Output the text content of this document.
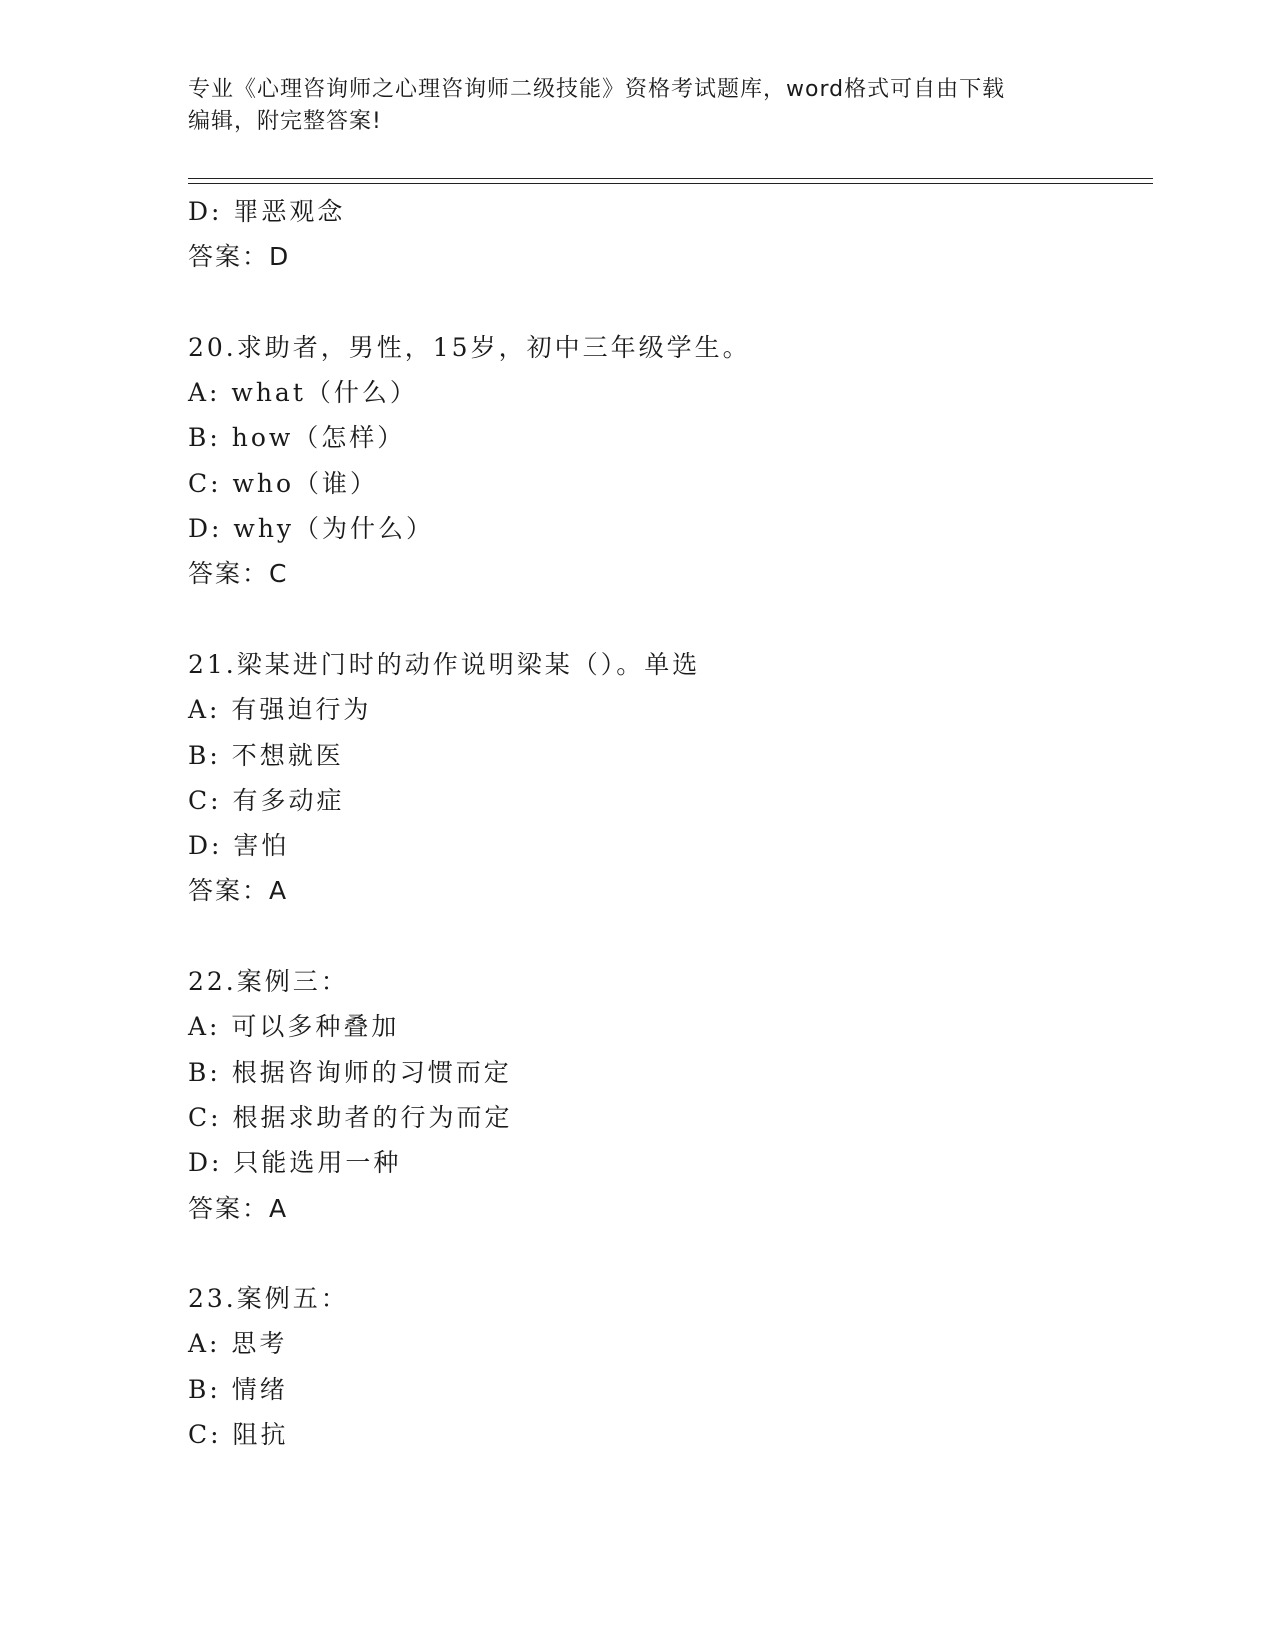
专业《心理咨询师之心理咨询师二级技能》资格考试题库，word格式可自由下载
编辑，附完整答案!
D: 罪恶观念
答案：D
20.求助者，男性，15岁，初中三年级学生。
A: what（什么）
B: how（怎样）
C: who（谁）
D: why（为什么）
答案：C
21.梁某进门时的动作说明梁某（）。单选
A: 有强迫行为
B: 不想就医
C: 有多动症
D: 害怕
答案：A
22.案例三：
A: 可以多种叠加
B: 根据咨询师的习惯而定
C: 根据求助者的行为而定
D: 只能选用一种
答案：A
23.案例五：
A: 思考
B: 情绪
C: 阻抗
